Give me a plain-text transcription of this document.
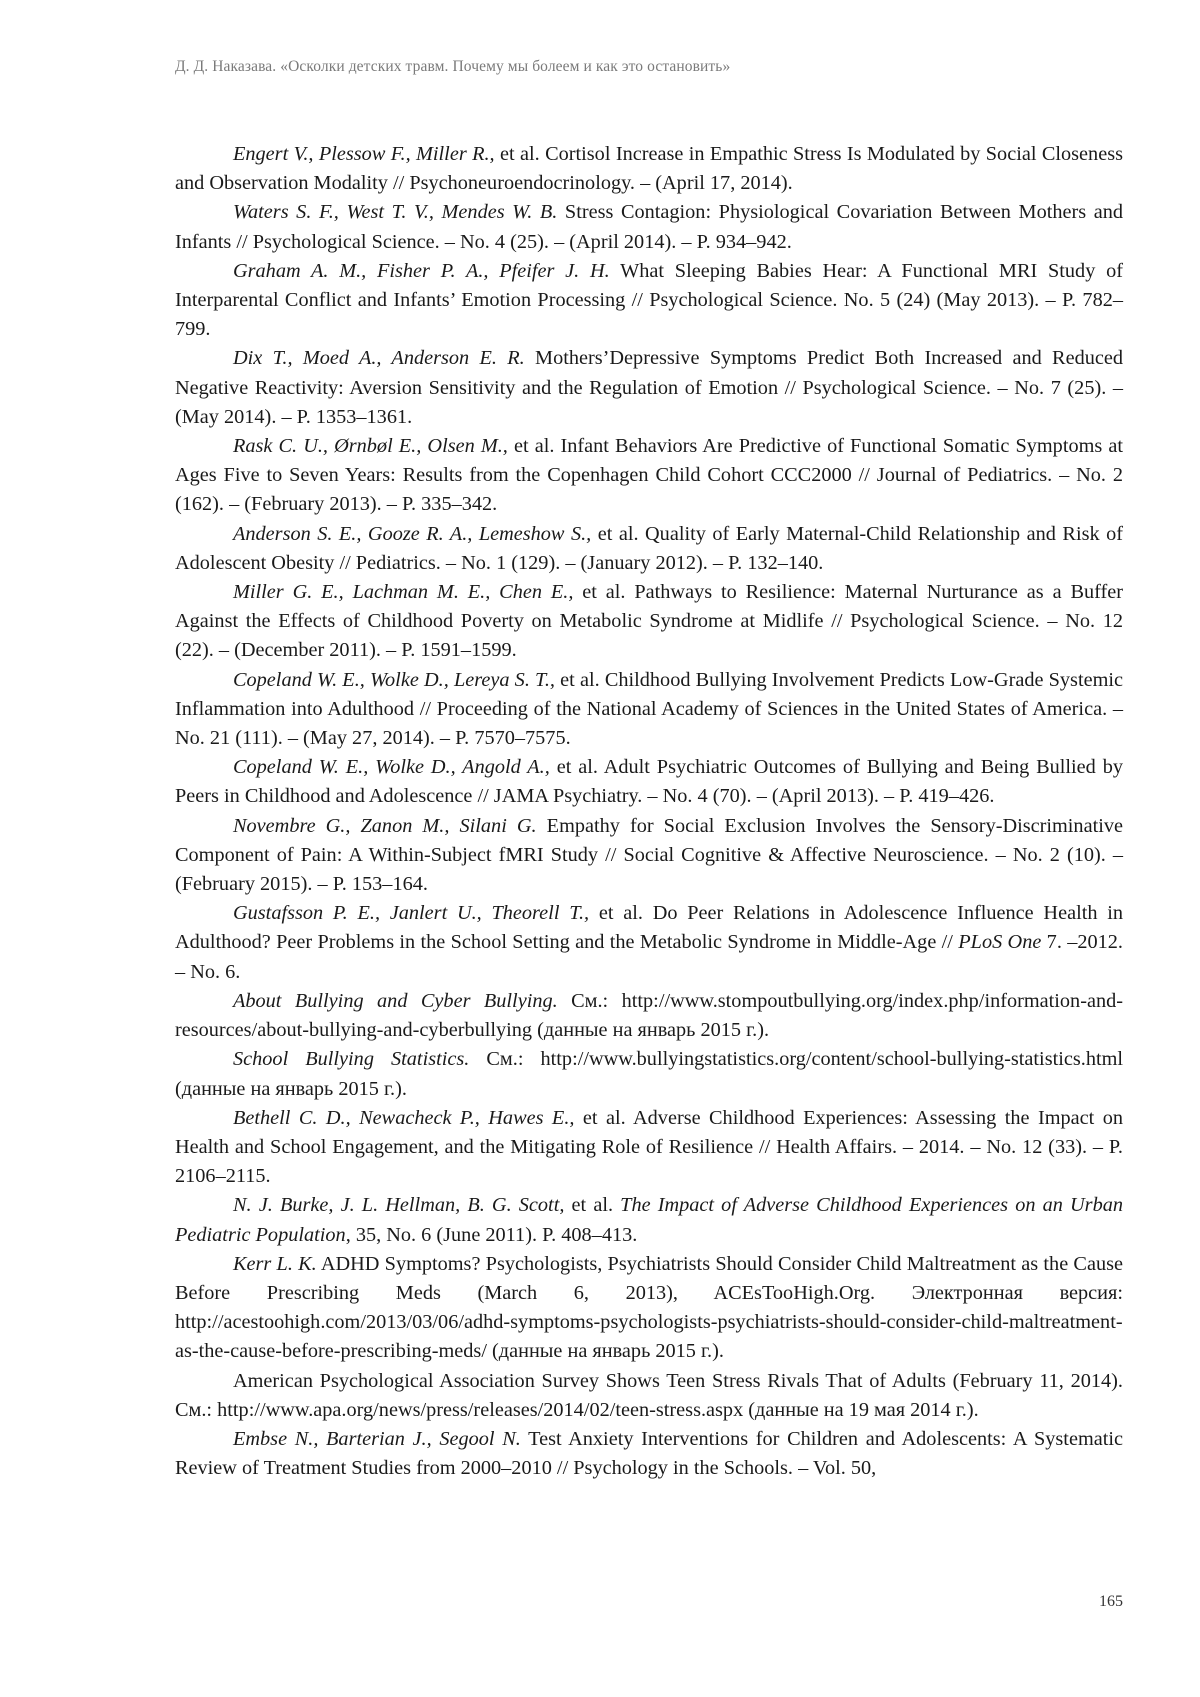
Д. Д. Наказава. «Осколки детских травм. Почему мы болеем и как это остановить»

Engert V., Plessow F., Miller R., et al. Cortisol Increase in Empathic Stress Is Modulated by Social Closeness and Observation Modality // Psychoneuroendocrinology. – (April 17, 2014).

Waters S. F., West T. V., Mendes W. B. Stress Contagion: Physiological Covariation Between Mothers and Infants // Psychological Science. – No. 4 (25). – (April 2014). – P. 934–942.

Graham A. M., Fisher P. A., Pfeifer J. H. What Sleeping Babies Hear: A Functional MRI Study of Interparental Conflict and Infants’ Emotion Processing // Psychological Science. No. 5 (24) (May 2013). – P. 782–799.

Dix T., Moed A., Anderson E. R. Mothers’Depressive Symptoms Predict Both Increased and Reduced Negative Reactivity: Aversion Sensitivity and the Regulation of Emotion // Psychological Science. – No. 7 (25). – (May 2014). – P. 1353–1361.

Rask C. U., Ørnbøl E., Olsen M., et al. Infant Behaviors Are Predictive of Functional Somatic Symptoms at Ages Five to Seven Years: Results from the Copenhagen Child Cohort CCC2000 // Journal of Pediatrics. – No. 2 (162). – (February 2013). – P. 335–342.

Anderson S. E., Gooze R. A., Lemeshow S., et al. Quality of Early Maternal-Child Relationship and Risk of Adolescent Obesity // Pediatrics. – No. 1 (129). – (January 2012). – P. 132–140.

Miller G. E., Lachman M. E., Chen E., et al. Pathways to Resilience: Maternal Nurturance as a Buffer Against the Effects of Childhood Poverty on Metabolic Syndrome at Midlife // Psychological Science. – No. 12 (22). – (December 2011). – P. 1591–1599.

Copeland W. E., Wolke D., Lereya S. T., et al. Childhood Bullying Involvement Predicts Low-Grade Systemic Inflammation into Adulthood // Proceeding of the National Academy of Sciences in the United States of America. – No. 21 (111). – (May 27, 2014). – P. 7570–7575.

Copeland W. E., Wolke D., Angold A., et al. Adult Psychiatric Outcomes of Bullying and Being Bullied by Peers in Childhood and Adolescence // JAMA Psychiatry. – No. 4 (70). – (April 2013). – P. 419–426.

Novembre G., Zanon M., Silani G. Empathy for Social Exclusion Involves the Sensory-Discriminative Component of Pain: A Within-Subject fMRI Study // Social Cognitive & Affective Neuroscience. – No. 2 (10). – (February 2015). – P. 153–164.

Gustafsson P. E., Janlert U., Theorell T., et al. Do Peer Relations in Adolescence Influence Health in Adulthood? Peer Problems in the School Setting and the Metabolic Syndrome in Middle-Age // PLoS One 7. –2012. – No. 6.

About Bullying and Cyber Bullying. См.: http://www.stompoutbullying.org/index.php/information-and-resources/about-bullying-and-cyberbullying (данные на январь 2015 г.).

School Bullying Statistics. См.: http://www.bullyingstatistics.org/content/school-bullying-statistics.html (данные на январь 2015 г.).

Bethell C. D., Newacheck P., Hawes E., et al. Adverse Childhood Experiences: Assessing the Impact on Health and School Engagement, and the Mitigating Role of Resilience // Health Affairs. – 2014. – No. 12 (33). – P. 2106–2115.

N. J. Burke, J. L. Hellman, B. G. Scott, et al. The Impact of Adverse Childhood Experiences on an Urban Pediatric Population, 35, No. 6 (June 2011). P. 408–413.

Kerr L. K. ADHD Symptoms? Psychologists, Psychiatrists Should Consider Child Maltreatment as the Cause Before Prescribing Meds (March 6, 2013), ACEsTooHigh.Org. Электронная версия: http://acestoohigh.com/2013/03/06/adhd-symptoms-psychologists-psychiatrists-should-consider-child-maltreatment-as-the-cause-before-prescribing-meds/ (данные на январь 2015 г.).

American Psychological Association Survey Shows Teen Stress Rivals That of Adults (February 11, 2014). См.: http://www.apa.org/news/press/releases/2014/02/teen-stress.aspx (данные на 19 мая 2014 г.).

Embse N., Barterian J., Segool N. Test Anxiety Interventions for Children and Adolescents: A Systematic Review of Treatment Studies from 2000–2010 // Psychology in the Schools. – Vol. 50,

165
